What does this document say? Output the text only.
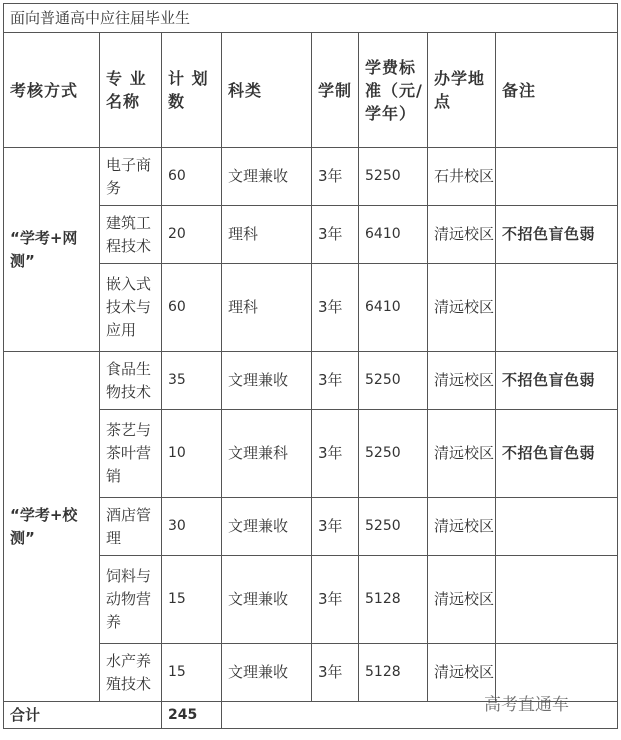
面向普通高中应往届毕业生							
考核方式	专 业名称	计 划数	科类	学制	学费标准（元/学年）	办学地点	备注
“学考+网测”	电子商务	60	文理兼收	3年	5250	石井校区	
	建筑工程技术	20	理科	3年	6410	清远校区	不招色盲色弱
	嵌入式技术与应用	60	理科	3年	6410	清远校区	
“学考+校测”	食品生物技术	35	文理兼收	3年	5250	清远校区	不招色盲色弱
	茶艺与茶叶营销	10	文理兼科	3年	5250	清远校区	不招色盲色弱
	酒店管理	30	文理兼收	3年	5250	清远校区	
	饲料与动物营养	15	文理兼收	3年	5128	清远校区	
	水产养殖技术	15	文理兼收	3年	5128	清远校区	
合计		245						高考直通车
